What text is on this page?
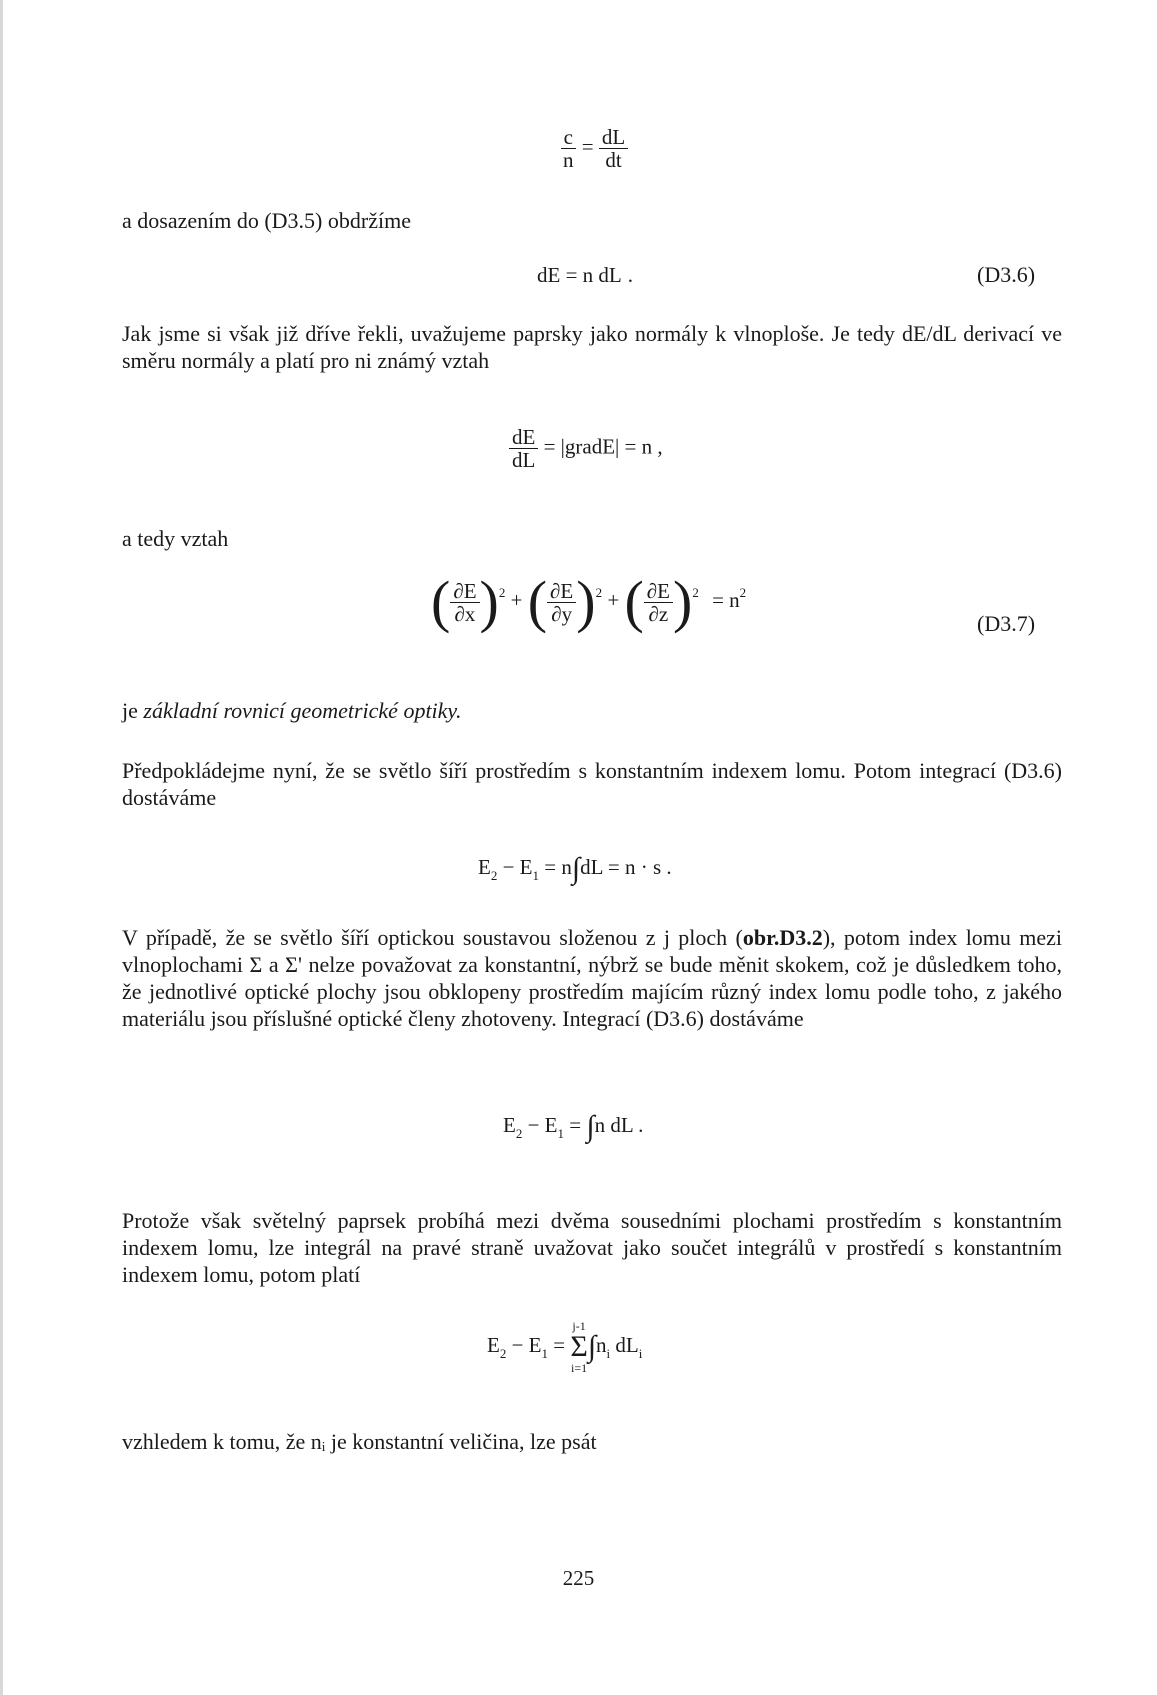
$\frac{c}{n} = \frac{dL}{dt}$
a dosazením do (D3.5) obdržíme
dE = n dL .	(D3.6)
Jak jsme si však již dříve řekli, uvažujeme paprsky jako normály k vlnoploše. Je tedy dE/dL derivací ve směru normály a platí pro ni známý vztah
$\frac{dE}{dL}$ = |gradE| = n ,
a tedy vztah
( $\frac{\partial E}{\partial x} )^2$ + ( $\frac{\partial E}{\partial y} )^2$ + ( $\frac{\partial E}{\partial z} )^2 = n^2$
(D3.7)
je základní rovnicí geometrické optiky.
Předpokládejme nyní, že se světlo šíří prostředím s konstantním indexem lomu. Potom integrací (D3.6) dostáváme
$E_2 - E_1 = n\int dL = n \cdot s$ .
V případě, že se světlo šíří optickou soustavou složenou z j ploch (obr.D3.2), potom index lomu mezi vlnoplochami Σ a Σ' nelze považovat za konstantní, nýbrž se bude měnit skokem, což je důsledkem toho, že jednotlivé optické plochy jsou obklopeny prostředím majícím různý index lomu podle toho, z jakého materiálu jsou příslušné optické členy zhotoveny. Integrací (D3.6) dostáváme
$E_2 - E_1 = \int n$ dL .
Protože však světelný paprsek probíhá mezi dvěma sousedními plochami prostředím s konstantním indexem lomu, lze integrál na pravé straně uvažovat jako součet integrálů v prostředí s konstantním indexem lomu, potom platí
$E_2 - E_1$ =
j-1
Σ
i=1
$\int n_i$ $dL_i$
vzhledem k tomu, že nᵢ je konstantní veličina, lze psát
225
